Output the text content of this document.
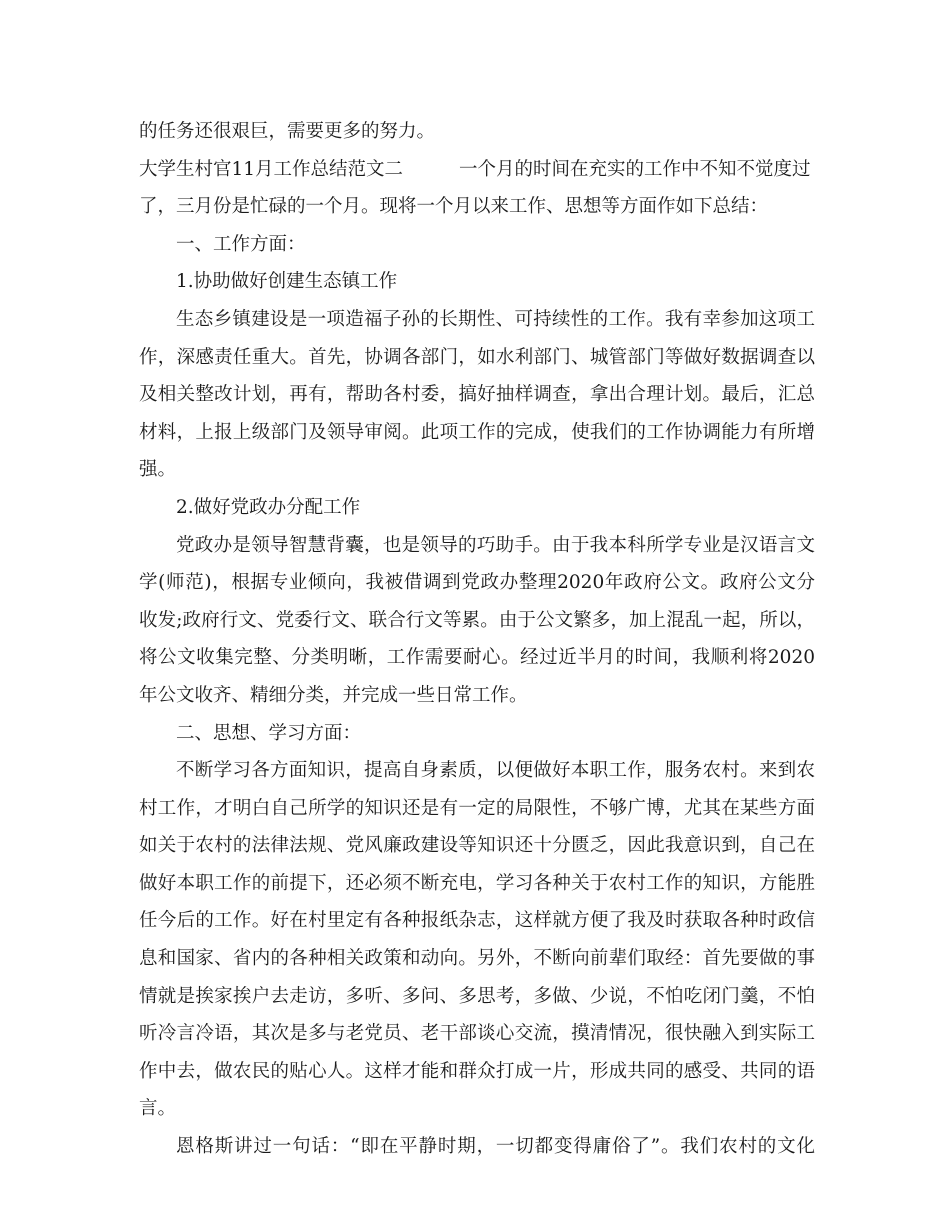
的任务还很艰巨，需要更多的努力。
大学生村官11月工作总结范文二	一个月的时间在充实的工作中不知不觉度过
了，三月份是忙碌的一个月。现将一个月以来工作、思想等方面作如下总结：
一、工作方面：
1.协助做好创建生态镇工作
生态乡镇建设是一项造福子孙的长期性、可持续性的工作。我有幸参加这项工
作，深感责任重大。首先，协调各部门，如水利部门、城管部门等做好数据调查以
及相关整改计划，再有，帮助各村委，搞好抽样调查，拿出合理计划。最后，汇总
材料，上报上级部门及领导审阅。此项工作的完成，使我们的工作协调能力有所增
强。
2.做好党政办分配工作
党政办是领导智慧背囊，也是领导的巧助手。由于我本科所学专业是汉语言文
学(师范)，根据专业倾向，我被借调到党政办整理2020年政府公文。政府公文分
收发;政府行文、党委行文、联合行文等累。由于公文繁多，加上混乱一起，所以，
将公文收集完整、分类明晰，工作需要耐心。经过近半月的时间，我顺利将2020
年公文收齐、精细分类，并完成一些日常工作。
二、思想、学习方面：
不断学习各方面知识，提高自身素质，以便做好本职工作，服务农村。来到农
村工作，才明白自己所学的知识还是有一定的局限性，不够广博，尤其在某些方面
如关于农村的法律法规、党风廉政建设等知识还十分匮乏，因此我意识到，自己在
做好本职工作的前提下，还必须不断充电，学习各种关于农村工作的知识，方能胜
任今后的工作。好在村里定有各种报纸杂志，这样就方便了我及时获取各种时政信
息和国家、省内的各种相关政策和动向。另外，不断向前辈们取经：首先要做的事
情就是挨家挨户去走访，多听、多问、多思考，多做、少说，不怕吃闭门羹，不怕
听冷言冷语，其次是多与老党员、老干部谈心交流，摸清情况，很快融入到实际工
作中去，做农民的贴心人。这样才能和群众打成一片，形成共同的感受、共同的语
言。
恩格斯讲过一句话：“即在平静时期，一切都变得庸俗了”。我们农村的文化
